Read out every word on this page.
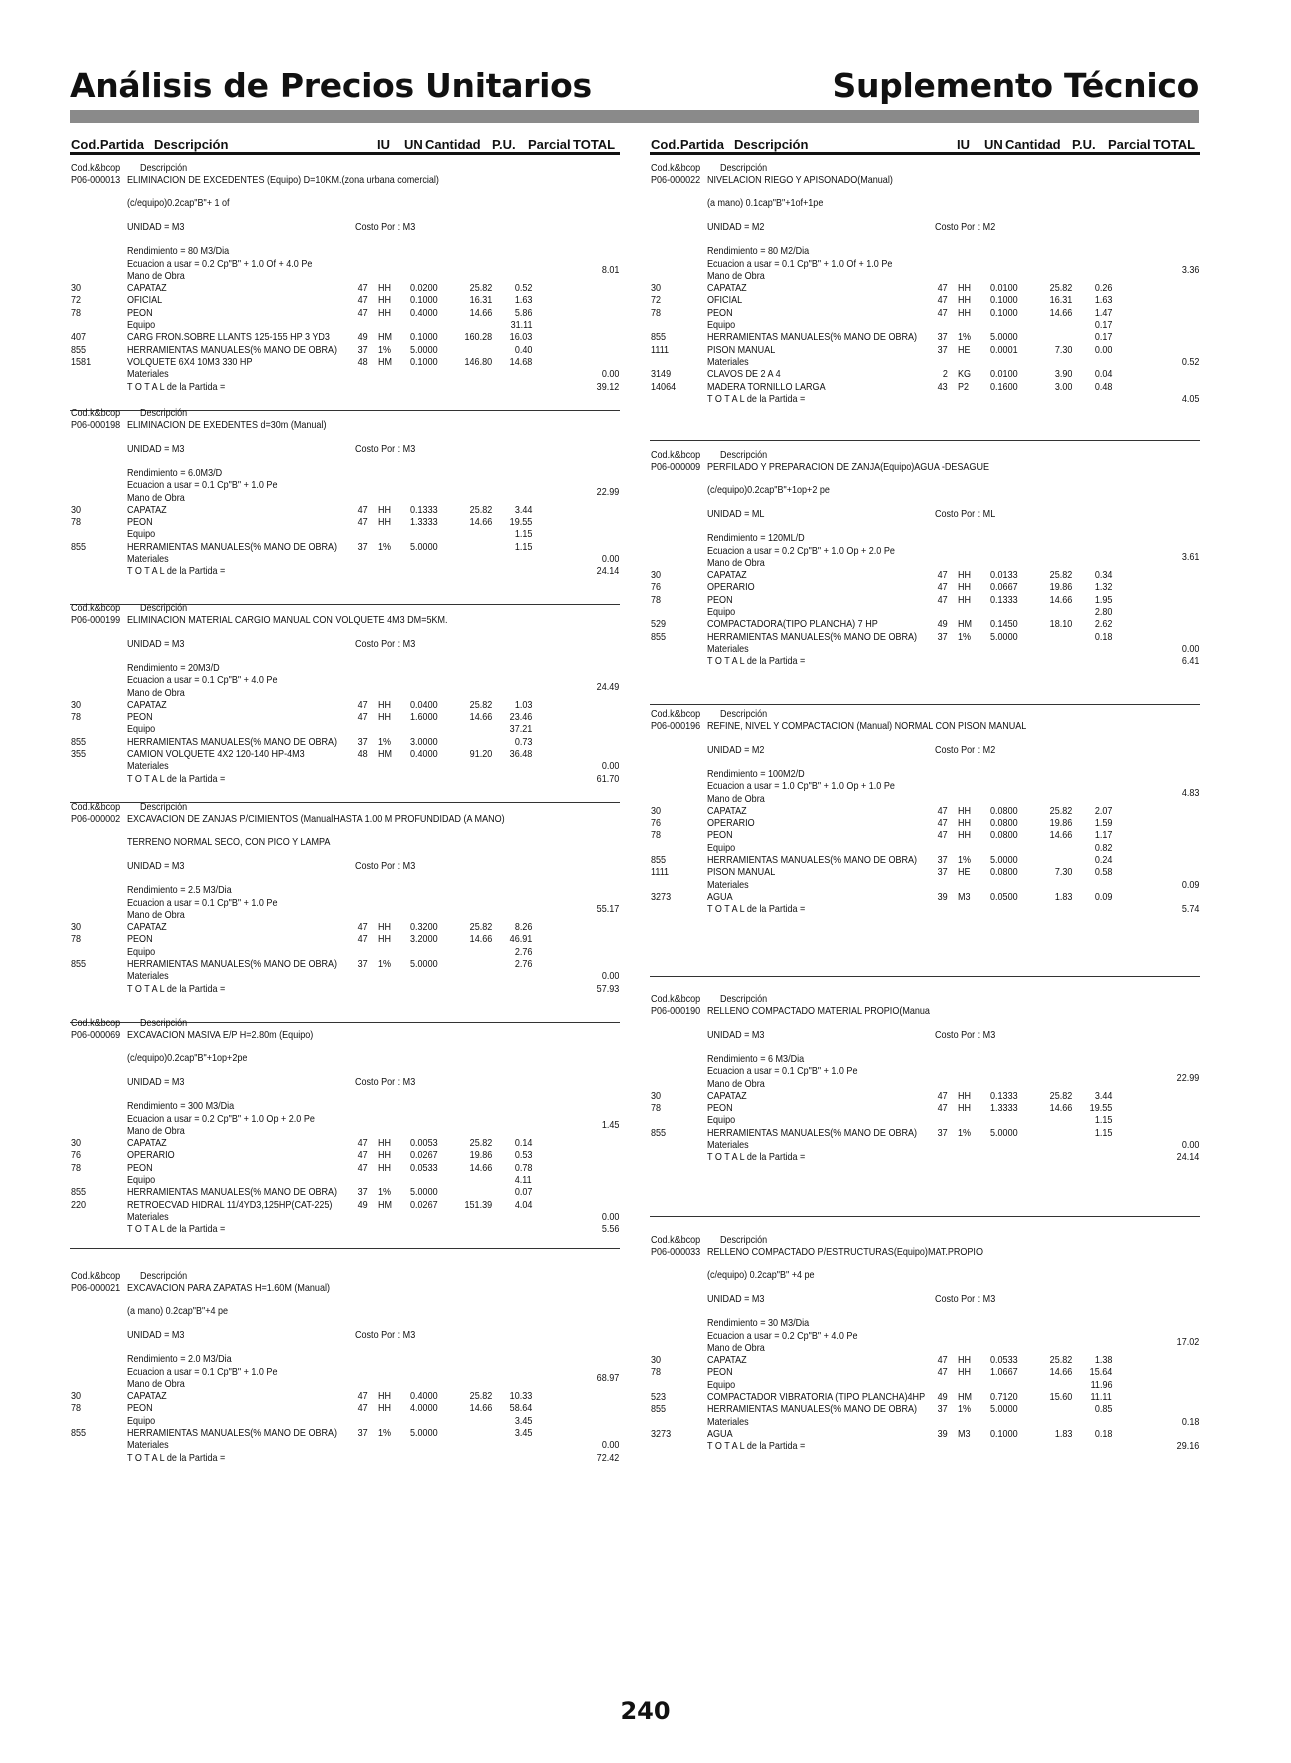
Análisis de Precios Unitarios	Suplemento Técnico
Cod.Partida Descripción	IU UN Cantidad P.U. Parcial TOTAL
Cod.k&bcop Descripción
P06-000013 ELIMINACION DE EXCEDENTES (Equipo) D=10KM.(zona urbana comercial)
(c/equipo)0.2cap"B"+ 1 of
UNIDAD = M3	Costo Por : M3
Rendimiento = 80 M3/Dia
Ecuacion a usar = 0.2 Cp"B" + 1.0 Of + 4.0 Pe
Mano de Obra	8.01
30	CAPATAZ	47 HH 0.0200	25.82 0.52
72	OFICIAL	47 HH 0.1000	16.31 1.63
78	PEON	47 HH 0.4000	14.66 5.86
Equipo	31.11
407	CARG FRON.SOBRE LLANTS 125-155 HP 3 YD3	49 HM 0.1000	160.28 16.03
855	HERRAMIENTAS MANUALES(% MANO DE OBRA) 37 1% 5.0000	0.40
1581	VOLQUETE 6X4 10M3 330 HP	48 HM 0.1000	146.80 14.68
Materiales	0.00
T O T A L de la Partida =	39.12
Cod.k&bcop Descripción
P06-000198 ELIMINACION DE EXEDENTES d=30m (Manual)
UNIDAD = M3	Costo Por : M3
Rendimiento = 6.0M3/D
Ecuacion a usar = 0.1 Cp"B" + 1.0 Pe
Mano de Obra	22.99
30	CAPATAZ	47 HH 0.1333	25.82 3.44
78	PEON	47 HH 1.3333	14.66 19.55
Equipo	1.15
855	HERRAMIENTAS MANUALES(% MANO DE OBRA) 37 1% 5.0000	1.15
Materiales	0.00
T O T A L de la Partida =	24.14
Cod.k&bcop Descripción
P06-000199 ELIMINACION MATERIAL CARGIO MANUAL CON VOLQUETE 4M3 DM=5KM.
UNIDAD = M3	Costo Por : M3
Rendimiento = 20M3/D
Ecuacion a usar = 0.1 Cp"B" + 4.0 Pe
Mano de Obra	24.49
30	CAPATAZ	47 HH 0.0400	25.82 1.03
78	PEON	47 HH 1.6000	14.66 23.46
Equipo	37.21
855	HERRAMIENTAS MANUALES(% MANO DE OBRA) 37 1% 3.0000	0.73
355	CAMION VOLQUETE 4X2 120-140 HP-4M3	48 HM 0.4000	91.20 36.48
Materiales	0.00
T O T A L de la Partida =	61.70
Cod.k&bcop Descripción
P06-000002 EXCAVACION DE ZANJAS P/CIMIENTOS (ManualHASTA 1.00 M PROFUNDIDAD (A MANO)
TERRENO NORMAL SECO, CON PICO Y LAMPA
UNIDAD = M3	Costo Por : M3
Rendimiento = 2.5 M3/Dia
Ecuacion a usar = 0.1 Cp"B" + 1.0 Pe
Mano de Obra	55.17
30	CAPATAZ	47 HH 0.3200	25.82 8.26
78	PEON	47 HH 3.2000	14.66 46.91
Equipo	2.76
855	HERRAMIENTAS MANUALES(% MANO DE OBRA) 37 1% 5.0000	2.76
Materiales	0.00
T O T A L de la Partida =	57.93
Cod.k&bcop Descripción
P06-000069 EXCAVACION MASIVA E/P H=2.80m (Equipo)
(c/equipo)0.2cap"B"+1op+2pe
UNIDAD = M3	Costo Por : M3
Rendimiento = 300 M3/Dia
Ecuacion a usar = 0.2 Cp"B" + 1.0 Op + 2.0 Pe
Mano de Obra	1.45
30	CAPATAZ	47 HH 0.0053	25.82 0.14
76	OPERARIO	47 HH 0.0267	19.86 0.53
78	PEON	47 HH 0.0533	14.66 0.78
Equipo	4.11
855	HERRAMIENTAS MANUALES(% MANO DE OBRA) 37 1% 5.0000	0.07
220	RETROECVAD HIDRAL 11/4YD3,125HP(CAT-225) 49 HM 0.0267	151.39 4.04
Materiales	0.00
T O T A L de la Partida =	5.56
Cod.k&bcop Descripción
P06-000021 EXCAVACION PARA ZAPATAS H=1.60M (Manual)
(a mano) 0.2cap"B"+4 pe
UNIDAD = M3	Costo Por : M3
Rendimiento = 2.0 M3/Dia
Ecuacion a usar = 0.1 Cp"B" + 1.0 Pe
Mano de Obra	68.97
30	CAPATAZ	47 HH 0.4000	25.82 10.33
78	PEON	47 HH 4.0000	14.66 58.64
Equipo	3.45
855	HERRAMIENTAS MANUALES(% MANO DE OBRA) 37 1% 5.0000	3.45
Materiales	0.00
T O T A L de la Partida =	72.42
Cod.Partida Descripción	IU UN Cantidad P.U. Parcial TOTAL
Cod.k&bcop Descripción
P06-000022 NIVELACION RIEGO Y APISONADO(Manual)
(a mano) 0.1cap"B"+1of+1pe
UNIDAD = M2	Costo Por : M2
Rendimiento = 80 M2/Dia
Ecuacion a usar = 0.1 Cp"B" + 1.0 Of + 1.0 Pe
Mano de Obra	3.36
30	CAPATAZ	47 HH 0.0100	25.82 0.26
72	OFICIAL	47 HH 0.1000	16.31 1.63
78	PEON	47 HH 0.1000	14.66 1.47
Equipo	0.17
855	HERRAMIENTAS MANUALES(% MANO DE OBRA) 37 1% 5.0000	0.17
1111	PISON MANUAL	37 HE 0.0001	7.30 0.00
Materiales	0.52
3149	CLAVOS DE 2 A 4	2 KG 0.0100	3.90 0.04
14064	MADERA TORNILLO LARGA	43 P2 0.1600	3.00 0.48
T O T A L de la Partida =	4.05
Cod.k&bcop Descripción
P06-000009 PERFILADO Y PREPARACION DE ZANJA(Equipo)AGUA -DESAGUE
(c/equipo)0.2cap"B"+1op+2 pe
UNIDAD = ML	Costo Por : ML
Rendimiento = 120ML/D
Ecuacion a usar = 0.2 Cp"B" + 1.0 Op + 2.0 Pe
Mano de Obra	3.61
30	CAPATAZ	47 HH 0.0133	25.82 0.34
76	OPERARIO	47 HH 0.0667	19.86 1.32
78	PEON	47 HH 0.1333	14.66 1.95
Equipo	2.80
529	COMPACTADORA(TIPO PLANCHA) 7 HP	49 HM 0.1450	18.10 2.62
855	HERRAMIENTAS MANUALES(% MANO DE OBRA) 37 1% 5.0000	0.18
Materiales	0.00
T O T A L de la Partida =	6.41
Cod.k&bcop Descripción
P06-000196 REFINE, NIVEL Y COMPACTACION (Manual) NORMAL CON PISON MANUAL
UNIDAD = M2	Costo Por : M2
Rendimiento = 100M2/D
Ecuacion a usar = 1.0 Cp"B" + 1.0 Op + 1.0 Pe
Mano de Obra	4.83
30	CAPATAZ	47 HH 0.0800	25.82 2.07
76	OPERARIO	47 HH 0.0800	19.86 1.59
78	PEON	47 HH 0.0800	14.66 1.17
Equipo	0.82
855	HERRAMIENTAS MANUALES(% MANO DE OBRA) 37 1% 5.0000	0.24
1111	PISON MANUAL	37 HE 0.0800	7.30 0.58
Materiales	0.09
3273	AGUA	39 M3 0.0500	1.83 0.09
T O T A L de la Partida =	5.74
Cod.k&bcop Descripción
P06-000190 RELLENO COMPACTADO MATERIAL PROPIO(Manua
UNIDAD = M3	Costo Por : M3
Rendimiento = 6 M3/Dia
Ecuacion a usar = 0.1 Cp"B" + 1.0 Pe
Mano de Obra	22.99
30	CAPATAZ	47 HH 0.1333	25.82 3.44
78	PEON	47 HH 1.3333	14.66 19.55
Equipo	1.15
855	HERRAMIENTAS MANUALES(% MANO DE OBRA) 37 1% 5.0000	1.15
Materiales	0.00
T O T A L de la Partida =	24.14
Cod.k&bcop Descripción
P06-000033 RELLENO COMPACTADO P/ESTRUCTURAS(Equipo)MAT.PROPIO
(c/equipo) 0.2cap"B" +4 pe
UNIDAD = M3	Costo Por : M3
Rendimiento = 30 M3/Dia
Ecuacion a usar = 0.2 Cp"B" + 4.0 Pe
Mano de Obra	17.02
30	CAPATAZ	47 HH 0.0533	25.82 1.38
78	PEON	47 HH 1.0667	14.66 15.64
Equipo	11.96
523	COMPACTADOR VIBRATORIA (TIPO PLANCHA)4HP 49 HM 0.7120	15.60 11.11
855	HERRAMIENTAS MANUALES(% MANO DE OBRA) 37 1% 5.0000	0.85
Materiales	0.18
3273	AGUA	39 M3 0.1000	1.83 0.18
T O T A L de la Partida =	29.16
240
